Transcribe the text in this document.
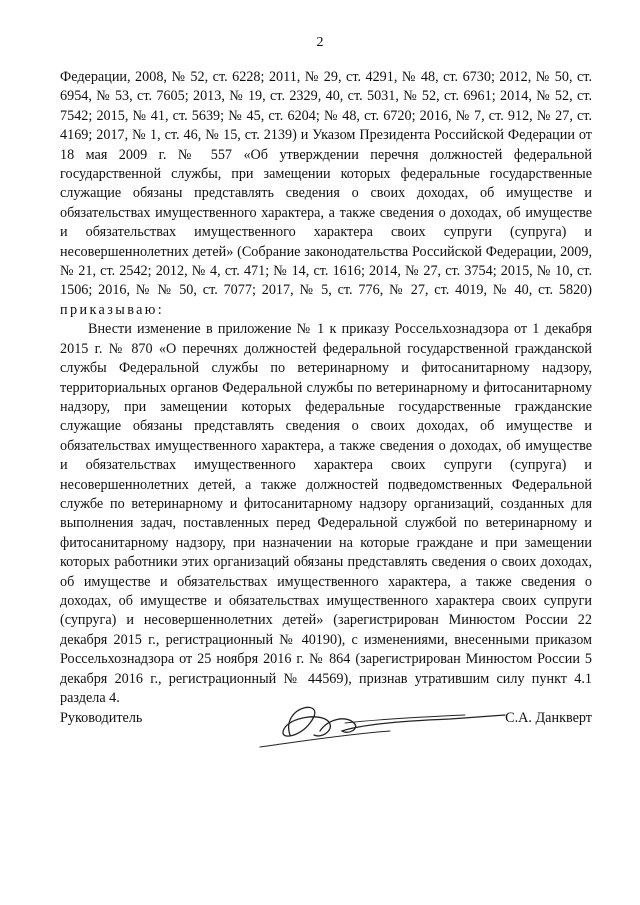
2

Федерации, 2008, № 52, ст. 6228; 2011, № 29, ст. 4291, № 48, ст. 6730; 2012, № 50, ст. 6954, № 53, ст. 7605; 2013, № 19, ст. 2329, 40, ст. 5031, № 52, ст. 6961; 2014, № 52, ст. 7542; 2015, № 41, ст. 5639; № 45, ст. 6204; № 48, ст. 6720; 2016, № 7, ст. 912, № 27, ст. 4169; 2017, № 1, ст. 46, № 15, ст. 2139) и Указом Президента Российской Федерации от 18 мая 2009 г. № 557 «Об утверждении перечня должностей федеральной государственной службы, при замещении которых федеральные государственные служащие обязаны представлять сведения о своих доходах, об имуществе и обязательствах имущественного характера, а также сведения о доходах, об имуществе и обязательствах имущественного характера своих супруги (супруга) и несовершеннолетних детей» (Собрание законодательства Российской Федерации, 2009, № 21, ст. 2542; 2012, № 4, ст. 471; № 14, ст. 1616; 2014, № 27, ст. 3754; 2015, № 10, ст. 1506; 2016, № № 50, ст. 7077; 2017, № 5, ст. 776, № 27, ст. 4019, № 40, ст. 5820) приказываю:

Внести изменение в приложение № 1 к приказу Россельхознадзора от 1 декабря 2015 г. № 870 «О перечнях должностей федеральной государственной гражданской службы Федеральной службы по ветеринарному и фитосанитарному надзору, территориальных органов Федеральной службы по ветеринарному и фитосанитарному надзору, при замещении которых федеральные государственные гражданские служащие обязаны представлять сведения о своих доходах, об имуществе и обязательствах имущественного характера, а также сведения о доходах, об имуществе и обязательствах имущественного характера своих супруги (супруга) и несовершеннолетних детей, а также должностей подведомственных Федеральной службе по ветеринарному и фитосанитарному надзору организаций, созданных для выполнения задач, поставленных перед Федеральной службой по ветеринарному и фитосанитарному надзору, при назначении на которые граждане и при замещении которых работники этих организаций обязаны представлять сведения о своих доходах, об имуществе и обязательствах имущественного характера, а также сведения о доходах, об имуществе и обязательствах имущественного характера своих супруги (супруга) и несовершеннолетних детей» (зарегистрирован Минюстом России 22 декабря 2015 г., регистрационный № 40190), с изменениями, внесенными приказом Россельхознадзора от 25 ноября 2016 г. № 864 (зарегистрирован Минюстом России 5 декабря 2016 г., регистрационный № 44569), признав утратившим силу пункт 4.1 раздела 4.

Руководитель	С.А. Данкверт
